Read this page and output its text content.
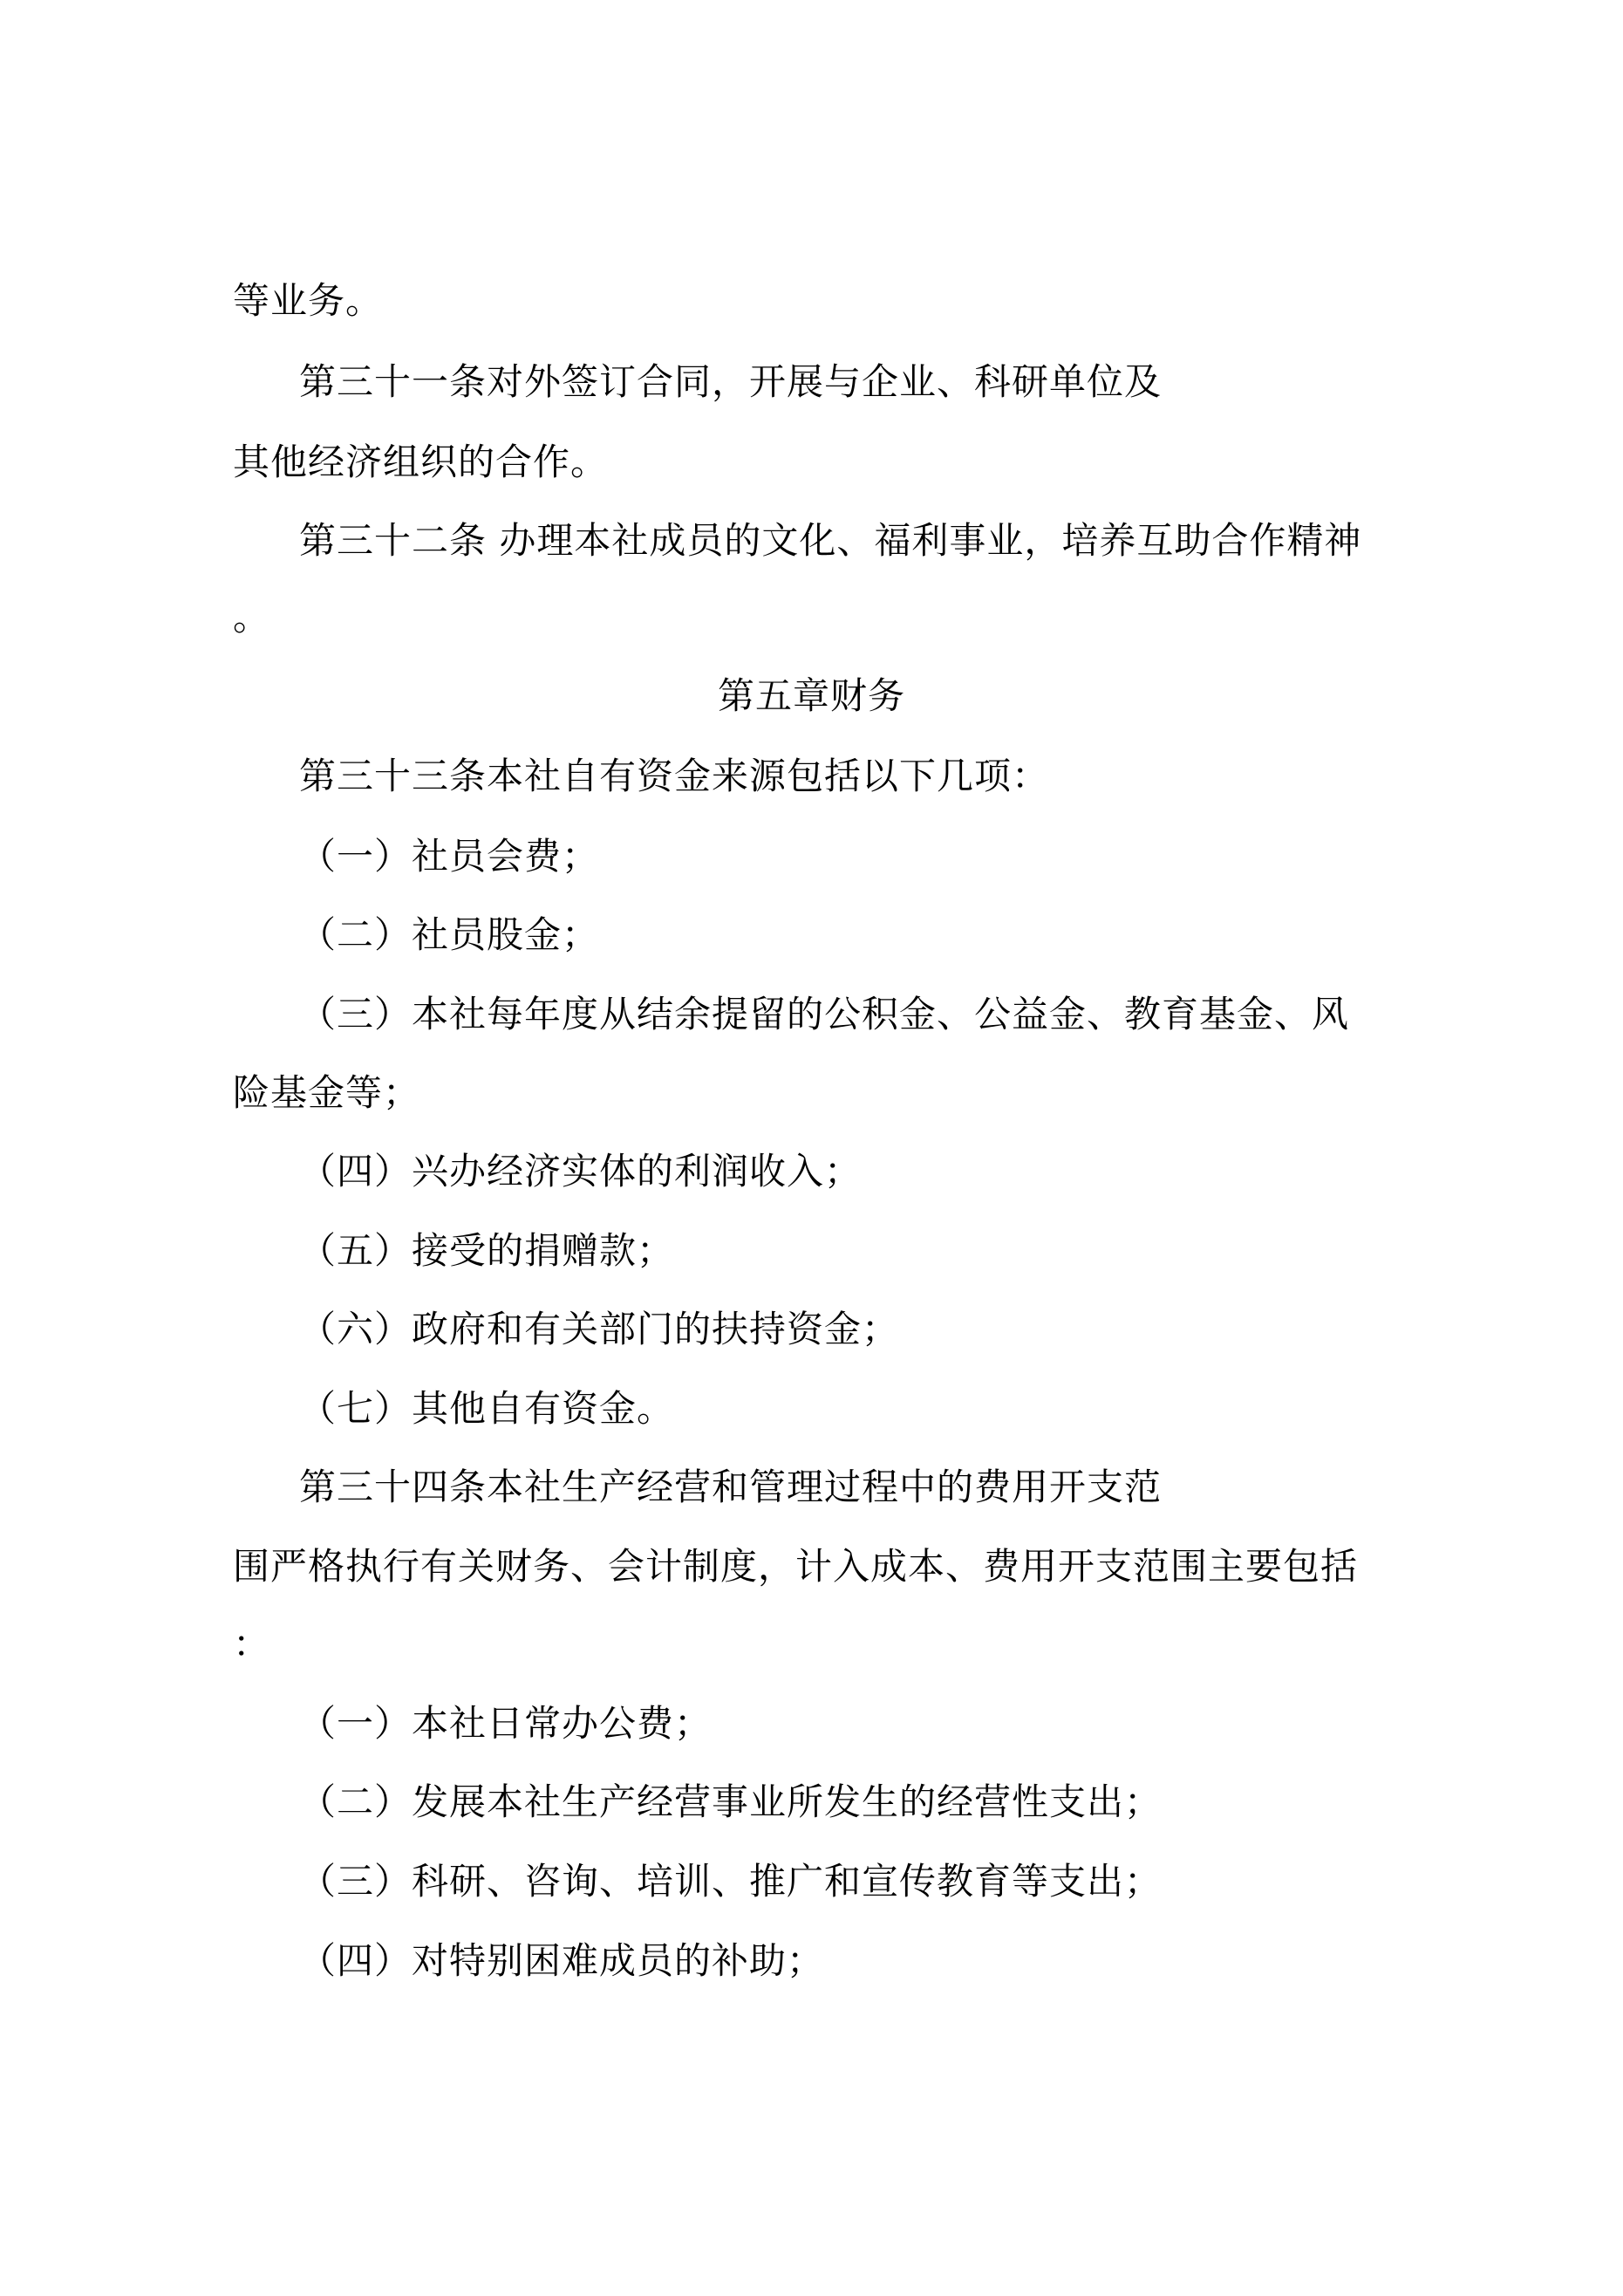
等业务。
第三十一条对外签订合同，开展与企业、科研单位及
其他经济组织的合作。
第三十二条 办理本社成员的文化、福利事业，培养互助合作精神
。
第五章财务
第三十三条本社自有资金来源包括以下几项：
（一）社员会费；
（二）社员股金；
（三）本社每年度从结余提留的公积金、公益金、教育基金、风
险基金等；
（四）兴办经济实体的利润收入；
（五）接受的捐赠款；
（六）政府和有关部门的扶持资金；
（七）其他自有资金。
第三十四条本社生产经营和管理过程中的费用开支范
围严格执行有关财务、会计制度，计入成本、费用开支范围主要包括
：
（一）本社日常办公费；
（二）发展本社生产经营事业所发生的经营性支出；
（三）科研、咨询、培训、推广和宣传教育等支出；
（四）对特别困难成员的补助；
